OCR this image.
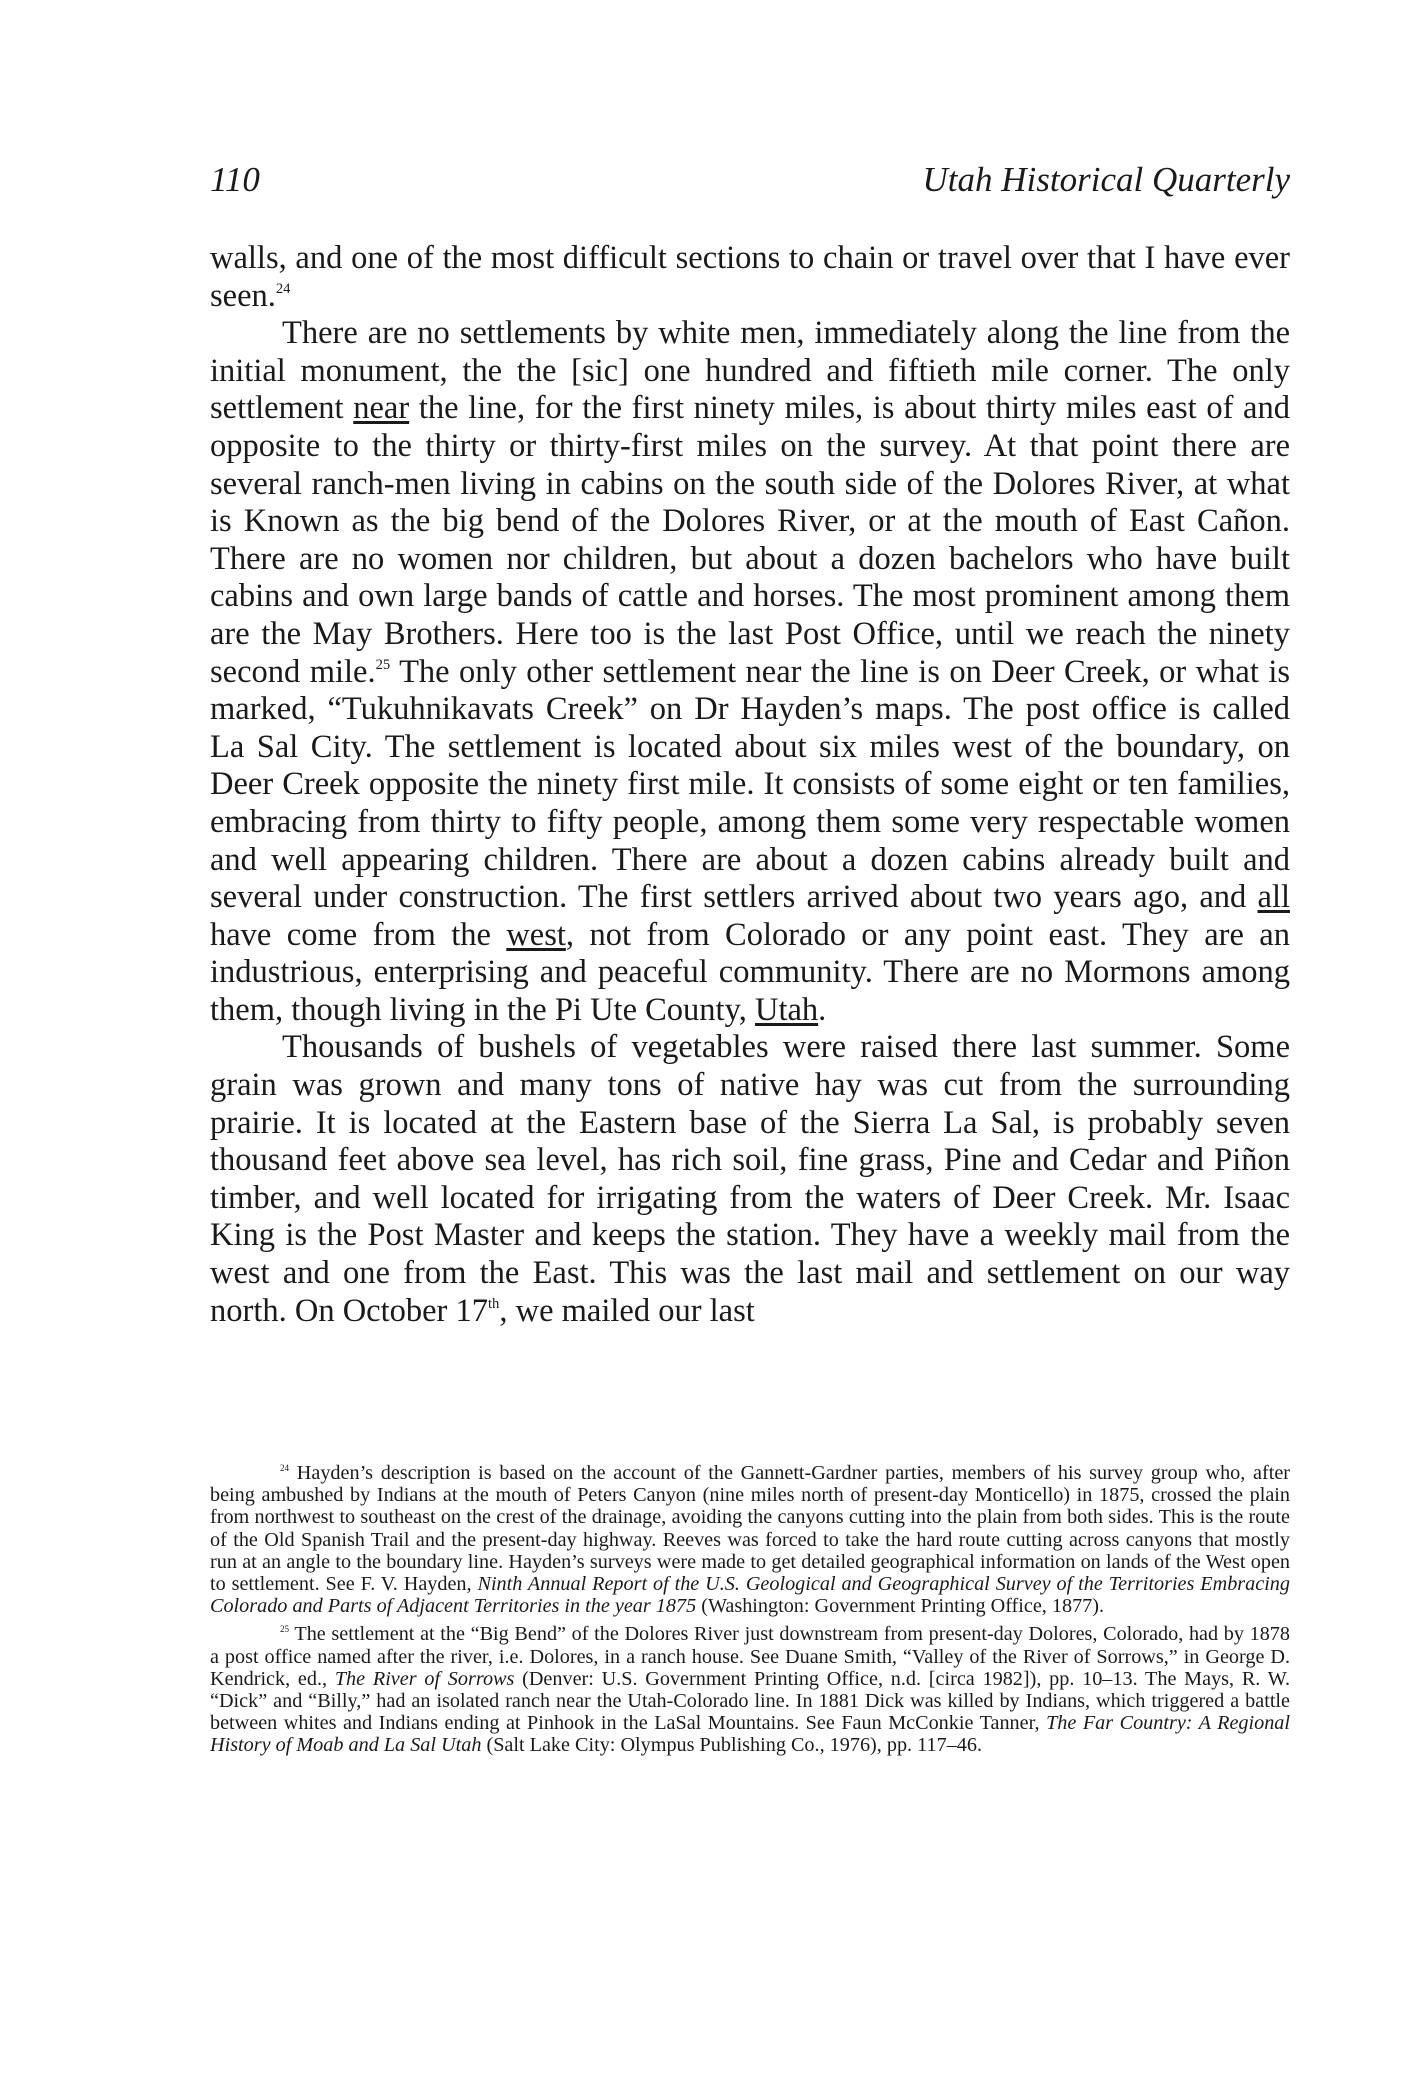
110	Utah Historical Quarterly

walls, and one of the most difficult sections to chain or travel over that I have ever seen.$^{24}$

There are no settlements by white men, immediately along the line from the initial monument, the the [sic] one hundred and fiftieth mile corner. The only settlement near the line, for the first ninety miles, is about thirty miles east of and opposite to the thirty or thirty-first miles on the survey. At that point there are several ranch-men living in cabins on the south side of the Dolores River, at what is Known as the big bend of the Dolores River, or at the mouth of East Cañon. There are no women nor children, but about a dozen bachelors who have built cabins and own large bands of cattle and horses. The most prominent among them are the May Brothers. Here too is the last Post Office, until we reach the ninety second mile.$^{25}$ The only other settlement near the line is on Deer Creek, or what is marked, “Tukuhnikavats Creek” on Dr Hayden’s maps. The post office is called La Sal City. The settlement is located about six miles west of the boundary, on Deer Creek opposite the ninety first mile. It consists of some eight or ten families, embracing from thirty to fifty people, among them some very respectable women and well appearing children. There are about a dozen cabins already built and several under construction. The first settlers arrived about two years ago, and all have come from the west, not from Colorado or any point east. They are an industrious, enterprising and peaceful community. There are no Mormons among them, though living in the Pi Ute County, Utah.

Thousands of bushels of vegetables were raised there last summer. Some grain was grown and many tons of native hay was cut from the surrounding prairie. It is located at the Eastern base of the Sierra La Sal, is probably seven thousand feet above sea level, has rich soil, fine grass, Pine and Cedar and Piñon timber, and well located for irrigating from the waters of Deer Creek. Mr. Isaac King is the Post Master and keeps the station. They have a weekly mail from the west and one from the East. This was the last mail and settlement on our way north. On October 17th, we mailed our last

$^{24}$ Hayden’s description is based on the account of the Gannett-Gardner parties, members of his survey group who, after being ambushed by Indians at the mouth of Peters Canyon (nine miles north of present-day Monticello) in 1875, crossed the plain from northwest to southeast on the crest of the drainage, avoiding the canyons cutting into the plain from both sides. This is the route of the Old Spanish Trail and the present-day highway. Reeves was forced to take the hard route cutting across canyons that mostly run at an angle to the boundary line. Hayden’s surveys were made to get detailed geographical information on lands of the West open to settlement. See F. V. Hayden, Ninth Annual Report of the U.S. Geological and Geographical Survey of the Territories Embracing Colorado and Parts of Adjacent Territories in the year 1875 (Washington: Government Printing Office, 1877).

$^{25}$ The settlement at the “Big Bend” of the Dolores River just downstream from present-day Dolores, Colorado, had by 1878 a post office named after the river, i.e. Dolores, in a ranch house. See Duane Smith, “Valley of the River of Sorrows,” in George D. Kendrick, ed., The River of Sorrows (Denver: U.S. Government Printing Office, n.d. [circa 1982]), pp. 10–13. The Mays, R. W. “Dick” and “Billy,” had an isolated ranch near the Utah-Colorado line. In 1881 Dick was killed by Indians, which triggered a battle between whites and Indians ending at Pinhook in the LaSal Mountains. See Faun McConkie Tanner, The Far Country: A Regional History of Moab and La Sal Utah (Salt Lake City: Olympus Publishing Co., 1976), pp. 117–46.
